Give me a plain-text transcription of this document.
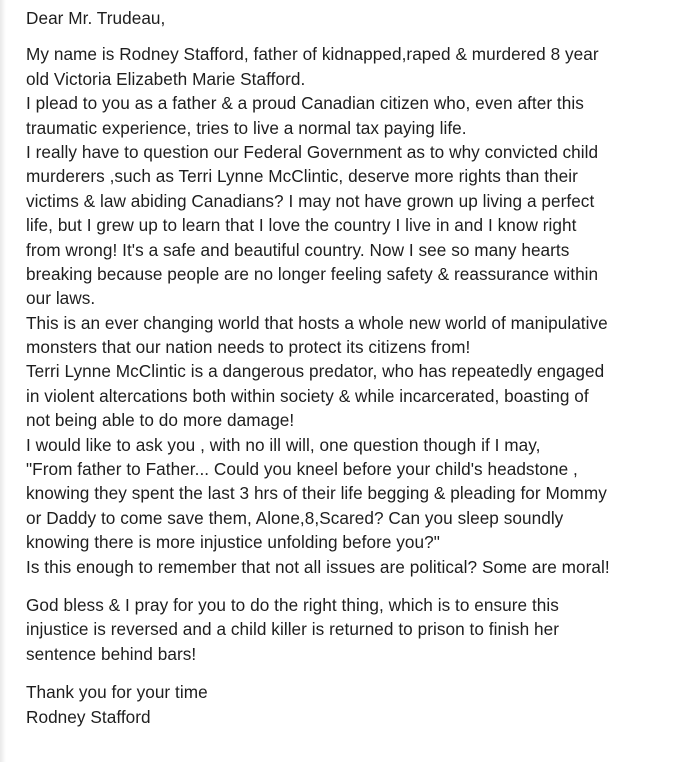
Dear Mr. Trudeau,
My name is Rodney Stafford, father of kidnapped,raped & murdered 8 year
old Victoria Elizabeth Marie Stafford.
I plead to you as a father & a proud Canadian citizen who, even after this
traumatic experience, tries to live a normal tax paying life.
I really have to question our Federal Government as to why convicted child
murderers ,such as Terri Lynne McClintic, deserve more rights than their
victims & law abiding Canadians? I may not have grown up living a perfect
life, but I grew up to learn that I love the country I live in and I know right
from wrong! It's a safe and beautiful country. Now I see so many hearts
breaking because people are no longer feeling safety & reassurance within
our laws.
This is an ever changing world that hosts a whole new world of manipulative
monsters that our nation needs to protect its citizens from!
Terri Lynne McClintic is a dangerous predator, who has repeatedly engaged
in violent altercations both within society & while incarcerated, boasting of
not being able to do more damage!
I would like to ask you , with no ill will, one question though if I may,
"From father to Father... Could you kneel before your child's headstone ,
knowing they spent the last 3 hrs of their life begging & pleading for Mommy
or Daddy to come save them, Alone,8,Scared? Can you sleep soundly
knowing there is more injustice unfolding before you?"
Is this enough to remember that not all issues are political? Some are moral!
God bless & I pray for you to do the right thing, which is to ensure this
injustice is reversed and a child killer is returned to prison to finish her
sentence behind bars!
Thank you for your time
Rodney Stafford
